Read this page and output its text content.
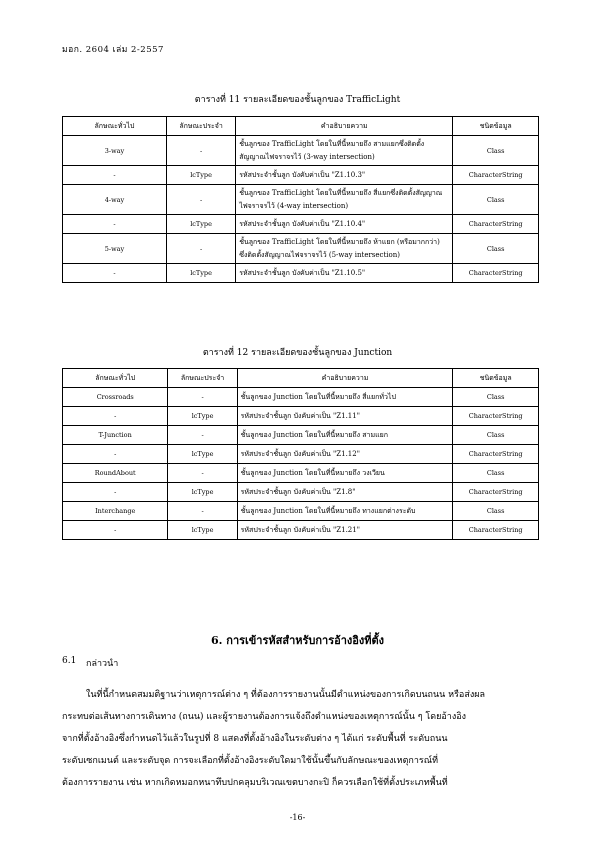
มอก. 2604 เล่ม 2-2557
ตารางที่ 11 รายละเอียดของชั้นลูกของ TrafficLight
ลักษณะทั่วไป	ลักษณะประจำ	คำอธิบายความ	ชนิดข้อมูล
3-way	-	ชั้นลูกของ TrafficLight โดยในที่นี้หมายถึง สามแยกซึ่งติดตั้งสัญญาณไฟจราจรไว้ (3-way intersection)	Class
-	lcType	รหัสประจำชั้นลูก บังคับค่าเป็น "Z1.10.3"	CharacterString
4-way	-	ชั้นลูกของ TrafficLight โดยในที่นี้หมายถึง สี่แยกซึ่งติดตั้งสัญญาณไฟจราจรไว้ (4-way intersection)	Class
-	lcType	รหัสประจำชั้นลูก บังคับค่าเป็น "Z1.10.4"	CharacterString
5-way	-	ชั้นลูกของ TrafficLight โดยในที่นี้หมายถึง ห้าแยก (หรือมากกว่า) ซึ่งติดตั้งสัญญาณไฟจราจรไว้ (5-way intersection)	Class
-	lcType	รหัสประจำชั้นลูก บังคับค่าเป็น "Z1.10.5"	CharacterString
ตารางที่ 12 รายละเอียดของชั้นลูกของ Junction
ลักษณะทั่วไป	ลักษณะประจำ	คำอธิบายความ	ชนิดข้อมูล
Crossroads	-	ชั้นลูกของ Junction โดยในที่นี้หมายถึง สี่แยกทั่วไป	Class
-	lcType	รหัสประจำชั้นลูก บังคับค่าเป็น "Z1.11"	CharacterString
T-Junction	-	ชั้นลูกของ Junction โดยในที่นี้หมายถึง สามแยก	Class
-	lcType	รหัสประจำชั้นลูก บังคับค่าเป็น "Z1.12"	CharacterString
RoundAbout	-	ชั้นลูกของ Junction โดยในที่นี้หมายถึง วงเวียน	Class
-	lcType	รหัสประจำชั้นลูก บังคับค่าเป็น "Z1.8"	CharacterString
Interchange	-	ชั้นลูกของ Junction โดยในที่นี้หมายถึง ทางแยกต่างระดับ	Class
-	lcType	รหัสประจำชั้นลูก บังคับค่าเป็น "Z1.21"	CharacterString
6. การเข้ารหัสสำหรับการอ้างอิงที่ตั้ง
6.1 กล่าวนำ

ในที่นี้กำหนดสมมติฐานว่าเหตุการณ์ต่าง ๆ ที่ต้องการรายงานนั้นมีตำแหน่งของการเกิดบนถนน หรือส่งผล

กระทบต่อเส้นทางการเดินทาง (ถนน) และผู้รายงานต้องการแจ้งถึงตำแหน่งของเหตุการณ์นั้น ๆ โดยอ้างอิง

จากที่ตั้งอ้างอิงซึ่งกำหนดไว้แล้วในรูปที่ 8 แสดงที่ตั้งอ้างอิงในระดับต่าง ๆ ได้แก่ ระดับพื้นที่ ระดับถนน

ระดับเซกเมนต์ และระดับจุด การจะเลือกที่ตั้งอ้างอิงระดับใดมาใช้นั้นขึ้นกับลักษณะของเหตุการณ์ที่

ต้องการรายงาน เช่น หากเกิดหมอกหนาทึบปกคลุมบริเวณเขตบางกะปิ ก็ควรเลือกใช้ที่ตั้งประเภทพื้นที่

-16-
